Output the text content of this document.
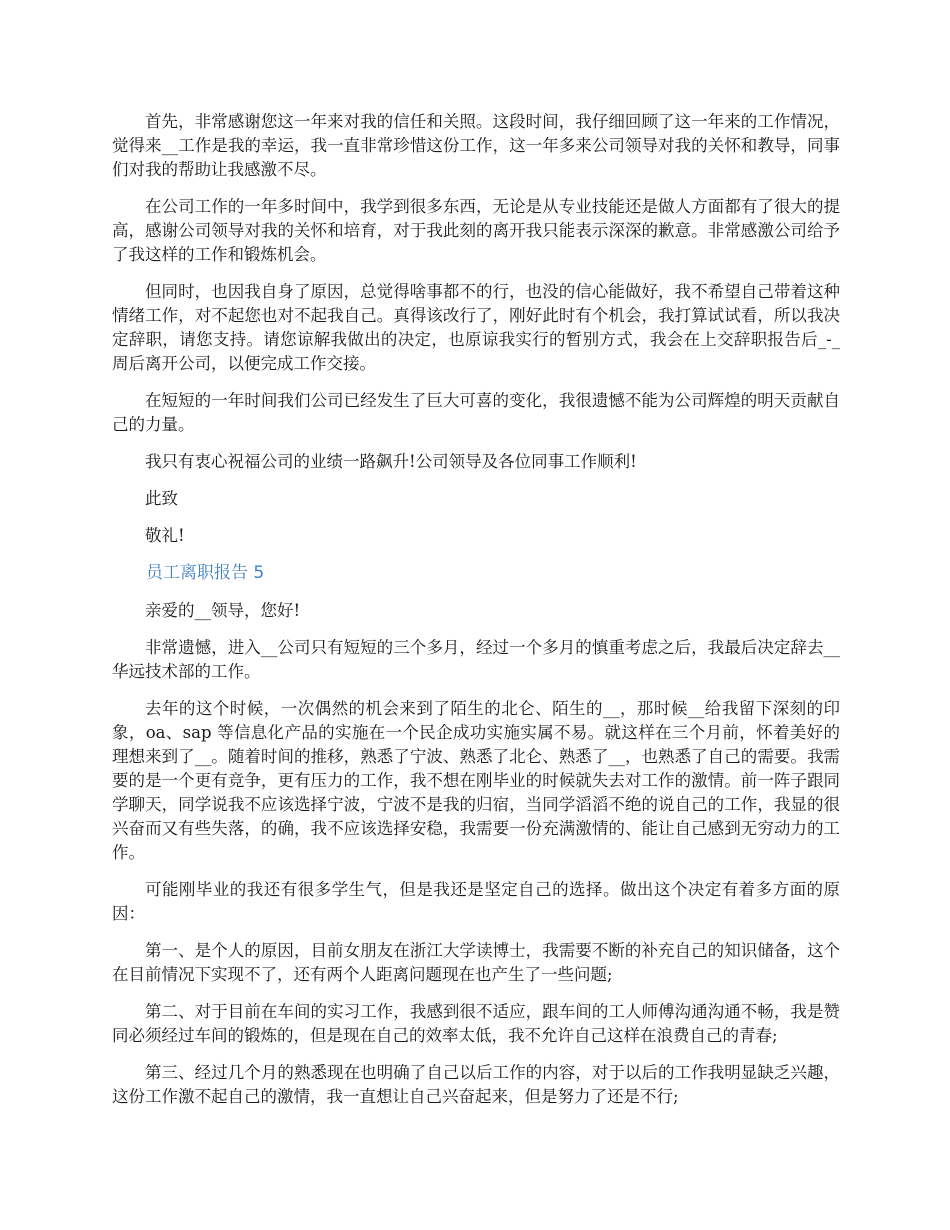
首先，非常感谢您这一年来对我的信任和关照。这段时间，我仔细回顾了这一年来的工作情况，觉得来__工作是我的幸运，我一直非常珍惜这份工作，这一年多来公司领导对我的关怀和教导，同事们对我的帮助让我感激不尽。

在公司工作的一年多时间中，我学到很多东西，无论是从专业技能还是做人方面都有了很大的提高，感谢公司领导对我的关怀和培育，对于我此刻的离开我只能表示深深的歉意。非常感激公司给予了我这样的工作和锻炼机会。

但同时，也因我自身了原因，总觉得啥事都不的行，也没的信心能做好，我不希望自己带着这种情绪工作，对不起您也对不起我自己。真得该改行了，刚好此时有个机会，我打算试试看，所以我决定辞职，请您支持。请您谅解我做出的决定，也原谅我实行的暂别方式，我会在上交辞职报告后_-_周后离开公司，以便完成工作交接。

在短短的一年时间我们公司已经发生了巨大可喜的变化，我很遗憾不能为公司辉煌的明天贡献自己的力量。

我只有衷心祝福公司的业绩一路飙升!公司领导及各位同事工作顺利!

此致

敬礼!

员工离职报告 5

亲爱的__领导，您好!

非常遗憾，进入__公司只有短短的三个多月，经过一个多月的慎重考虑之后，我最后决定辞去__华远技术部的工作。

去年的这个时候，一次偶然的机会来到了陌生的北仑、陌生的__，那时候__给我留下深刻的印象，oa、sap 等信息化产品的实施在一个民企成功实施实属不易。就这样在三个月前，怀着美好的理想来到了__。随着时间的推移，熟悉了宁波、熟悉了北仑、熟悉了__，也熟悉了自己的需要。我需要的是一个更有竞争，更有压力的工作，我不想在刚毕业的时候就失去对工作的激情。前一阵子跟同学聊天，同学说我不应该选择宁波，宁波不是我的归宿，当同学滔滔不绝的说自己的工作，我显的很兴奋而又有些失落，的确，我不应该选择安稳，我需要一份充满激情的、能让自己感到无穷动力的工作。

可能刚毕业的我还有很多学生气，但是我还是坚定自己的选择。做出这个决定有着多方面的原因：

第一、是个人的原因，目前女朋友在浙江大学读博士，我需要不断的补充自己的知识储备，这个在目前情况下实现不了，还有两个人距离问题现在也产生了一些问题;

第二、对于目前在车间的实习工作，我感到很不适应，跟车间的工人师傅沟通沟通不畅，我是赞同必须经过车间的锻炼的，但是现在自己的效率太低，我不允许自己这样在浪费自己的青春;

第三、经过几个月的熟悉现在也明确了自己以后工作的内容，对于以后的工作我明显缺乏兴趣，这份工作激不起自己的激情，我一直想让自己兴奋起来，但是努力了还是不行;
